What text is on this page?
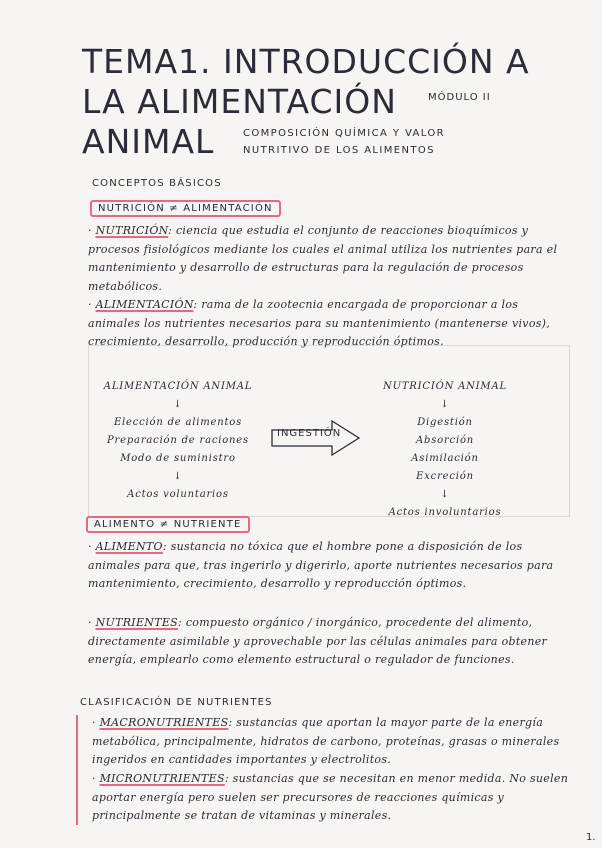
TEMA1. INTRODUCCIÓN A
LA ALIMENTACIÓN
ANIMAL
MÓDULO II
COMPOSICIÓN QUÍMICA Y VALOR
NUTRITIVO DE LOS ALIMENTOS
CONCEPTOS BÁSICOS
NUTRICIÓN ≠ ALIMENTACIÓN
· NUTRICIÓN: ciencia que estudia el conjunto de reacciones bioquímicos y procesos fisiológicos mediante los cuales el animal utiliza los nutrientes para el mantenimiento y desarrollo de estructuras para la regulación de procesos metabólicos.
· ALIMENTACIÓN: rama de la zootecnia encargada de proporcionar a los animales los nutrientes necesarios para su mantenimiento (mantenerse vivos), crecimiento, desarrollo, producción y reproducción óptimos.
ALIMENTACIÓN ANIMAL
↓
Elección de alimentos
Preparación de raciones
Modo de suministro
↓
Actos voluntarios
INGESTIÓN
NUTRICIÓN ANIMAL
↓
Digestión
Absorción
Asimilación
Excreción
↓
Actos involuntarios
ALIMENTO ≠ NUTRIENTE
· ALIMENTO: sustancia no tóxica que el hombre pone a disposición de los animales para que, tras ingerirlo y digerirlo, aporte nutrientes necesarios para mantenimiento, crecimiento, desarrollo y reproducción óptimos.
· NUTRIENTES: compuesto orgánico / inorgánico, procedente del alimento, directamente asimilable y aprovechable por las células animales para obtener energía, emplearlo como elemento estructural o regulador de funciones.
CLASIFICACIÓN DE NUTRIENTES
· MACRONUTRIENTES: sustancias que aportan la mayor parte de la energía metabólica, principalmente, hidratos de carbono, proteínas, grasas o minerales ingeridos en cantidades importantes y electrolitos.
· MICRONUTRIENTES: sustancias que se necesitan en menor medida. No suelen aportar energía pero suelen ser precursores de reacciones químicas y principalmente se tratan de vitaminas y minerales.
1.
